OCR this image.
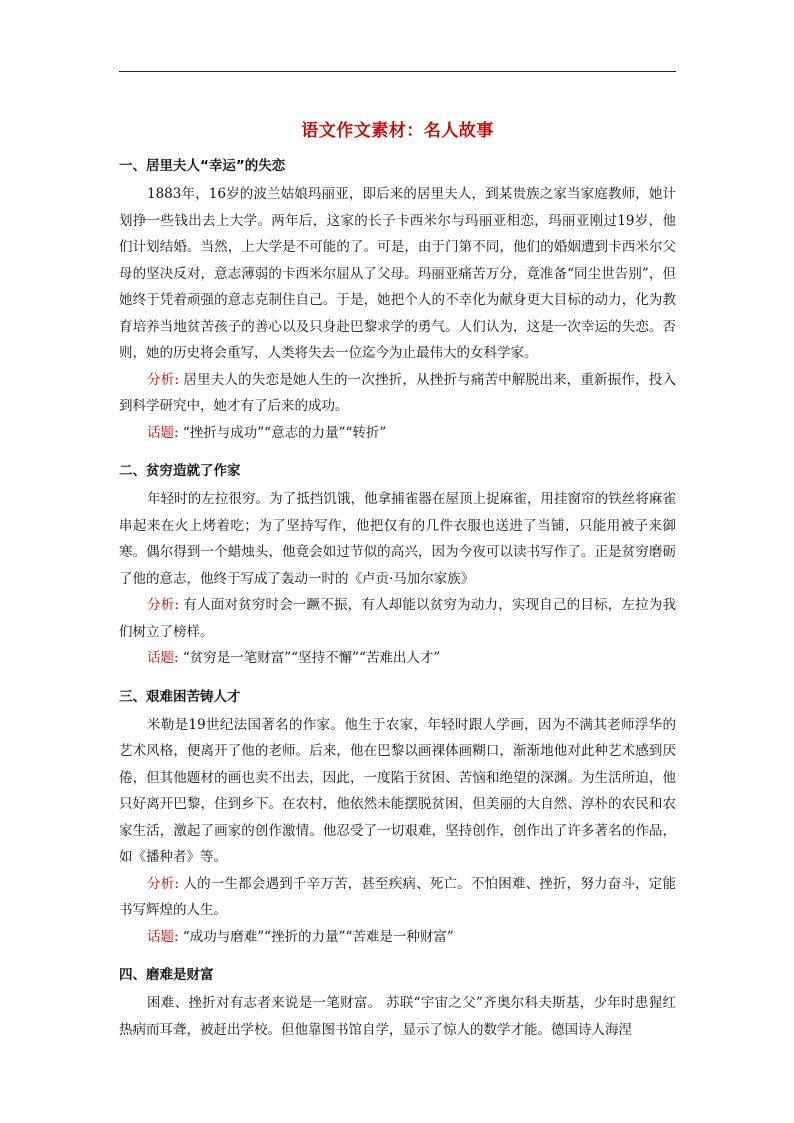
语文作文素材：名人故事
一、居里夫人“幸运”的失恋

1883年，16岁的波兰姑娘玛丽亚，即后来的居里夫人，到某贵族之家当家庭教师，她计划挣一些钱出去上大学。两年后，这家的长子卡西米尔与玛丽亚相恋，玛丽亚刚过19岁，他们计划结婚。当然，上大学是不可能的了。可是，由于门第不同，他们的婚姻遭到卡西米尔父母的坚决反对，意志薄弱的卡西米尔屈从了父母。玛丽亚痛苦万分，竟准备“同尘世告别”，但她终于凭着顽强的意志克制住自己。于是，她把个人的不幸化为献身更大目标的动力，化为教育培养当地贫苦孩子的善心以及只身赴巴黎求学的勇气。人们认为，这是一次幸运的失恋。否则，她的历史将会重写，人类将失去一位迄今为止最伟大的女科学家。

分析: 居里夫人的失恋是她人生的一次挫折，从挫折与痛苦中解脱出来，重新振作，投入到科学研究中，她才有了后来的成功。

话题: “挫折与成功”“意志的力量”“转折”

二、贫穷造就了作家

年轻时的左拉很穷。为了抵挡饥饿，他拿捕雀器在屋顶上捉麻雀，用挂窗帘的铁丝将麻雀串起来在火上烤着吃；为了坚持写作，他把仅有的几件衣服也送进了当铺，只能用被子来御寒。偶尔得到一个蜡烛头，他竟会如过节似的高兴，因为今夜可以读书写作了。正是贫穷磨砺了他的意志，他终于写成了轰动一时的《卢贡·马加尔家族》

分析: 有人面对贫穷时会一蹶不振，有人却能以贫穷为动力，实现自己的目标，左拉为我们树立了榜样。

话题: “贫穷是一笔财富”“坚持不懈”“苦难出人才”

三、艰难困苦铸人才

米勒是19世纪法国著名的作家。他生于农家，年轻时跟人学画，因为不满其老师浮华的艺术风格，便离开了他的老师。后来，他在巴黎以画裸体画糊口，渐渐地他对此种艺术感到厌倦，但其他题材的画也卖不出去，因此，一度陷于贫困、苦恼和绝望的深渊。为生活所迫，他只好离开巴黎，住到乡下。在农村，他依然未能摆脱贫困，但美丽的大自然、淳朴的农民和农家生活，激起了画家的创作激情。他忍受了一切艰难，坚持创作，创作出了许多著名的作品，如《播种者》等。

分析: 人的一生都会遇到千辛万苦，甚至疾病、死亡。不怕困难、挫折，努力奋斗，定能书写辉煌的人生。

话题: “成功与磨难”“挫折的力量”“苦难是一种财富”

四、磨难是财富

困难、挫折对有志者来说是一笔财富。 苏联“宇宙之父”齐奥尔科夫斯基，少年时患猩红热病而耳聋，被赶出学校。但他靠图书馆自学，显示了惊人的数学才能。德国诗人海涅
